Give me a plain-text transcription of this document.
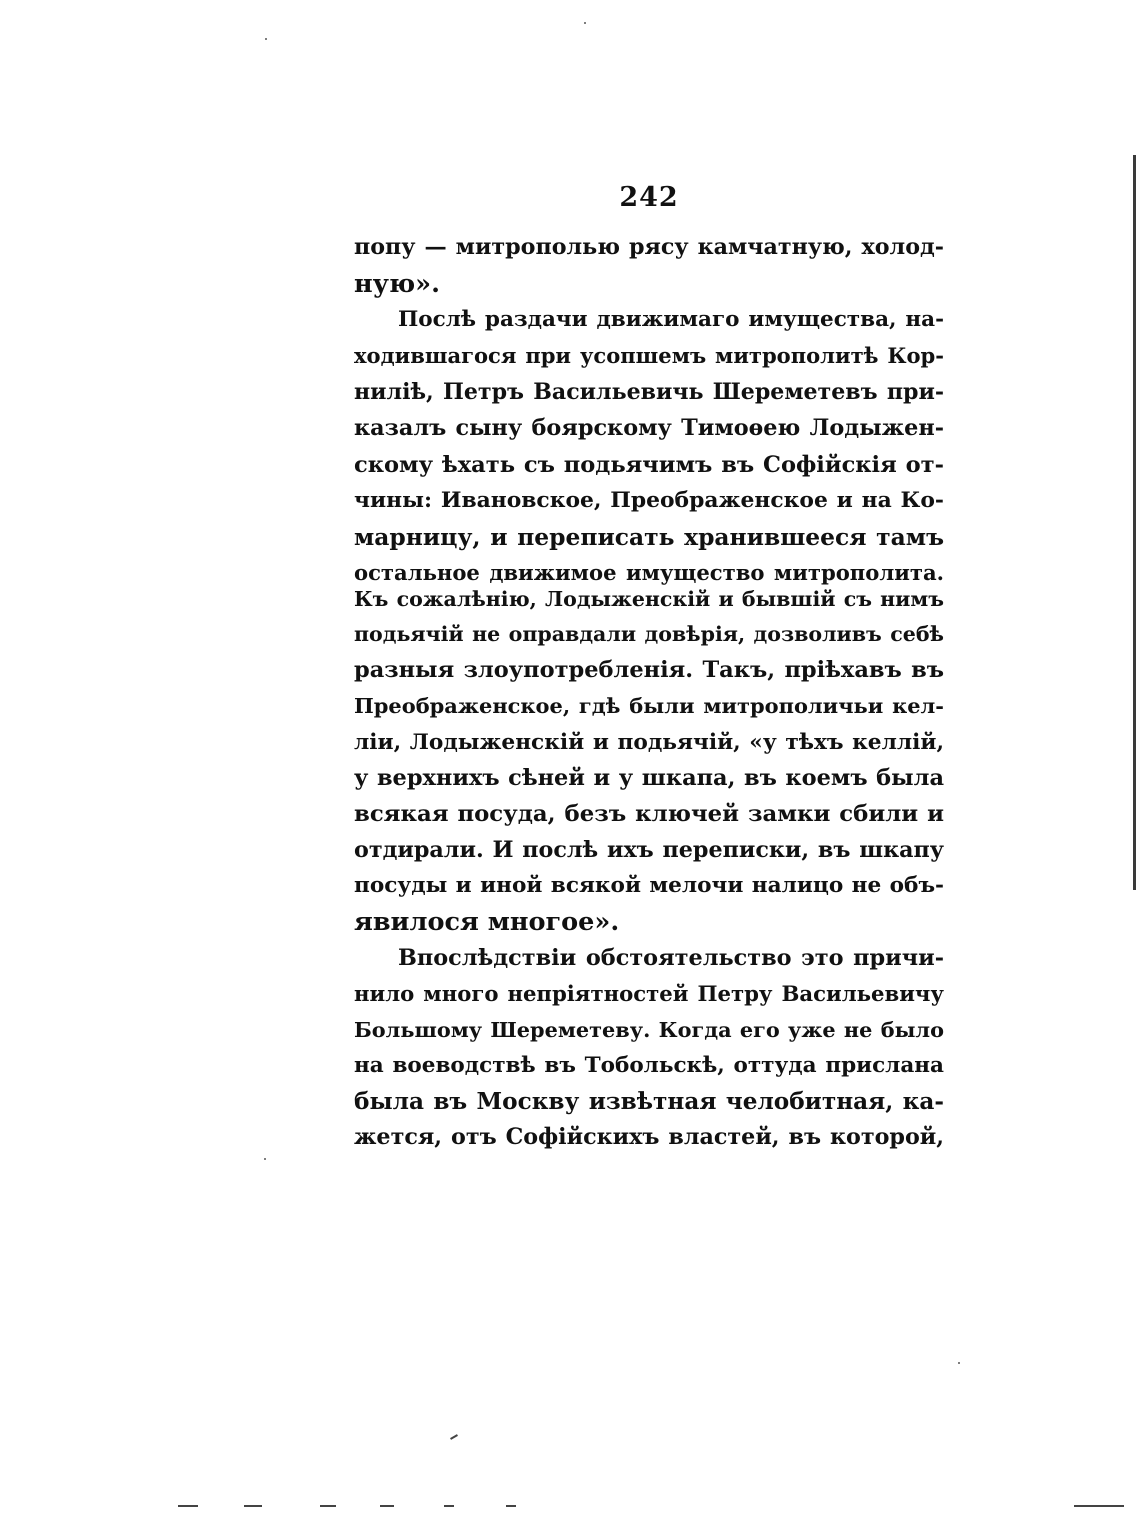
242
попу — митрополью рясу камчатную, холод-
ную».
Послѣ раздачи движимаго имущества, на-
ходившагося при усопшемъ митрополитѣ Кор-
нилiѣ, Петръ Васильевичь Шереметевъ при-
казалъ сыну боярскому Тимоѳею Лодыжен-
скому ѣхать съ подьячимъ въ Софiйскiя от-
чины: Ивановское, Преображенское и на Ко-
марницу, и переписать хранившееся тамъ
остальное движимое имущество митрополита.
Къ сожалѣнiю, Лодыженскiй и бывшiй съ нимъ
подьячiй не оправдали довѣрiя, дозволивъ себѣ
разныя злоупотребленiя. Такъ, прiѣхавъ въ
Преображенское, гдѣ были митрополичьи кел-
лiи, Лодыженскiй и подьячiй, «у тѣхъ келлiй,
у верхнихъ сѣней и у шкапа, въ коемъ была
всякая посуда, безъ ключей замки сбили и
отдирали. И послѣ ихъ переписки, въ шкапу
посуды и иной всякой мелочи налицо не объ-
явилося многое».
Впослѣдствiи обстоятельство это причи-
нило много непрiятностей Петру Васильевичу
Большому Шереметеву. Когда его уже не было
на воеводствѣ въ Тобольскѣ, оттуда прислана
была въ Москву извѣтная челобитная, ка-
жется, отъ Софiйскихъ властей, въ которой,
